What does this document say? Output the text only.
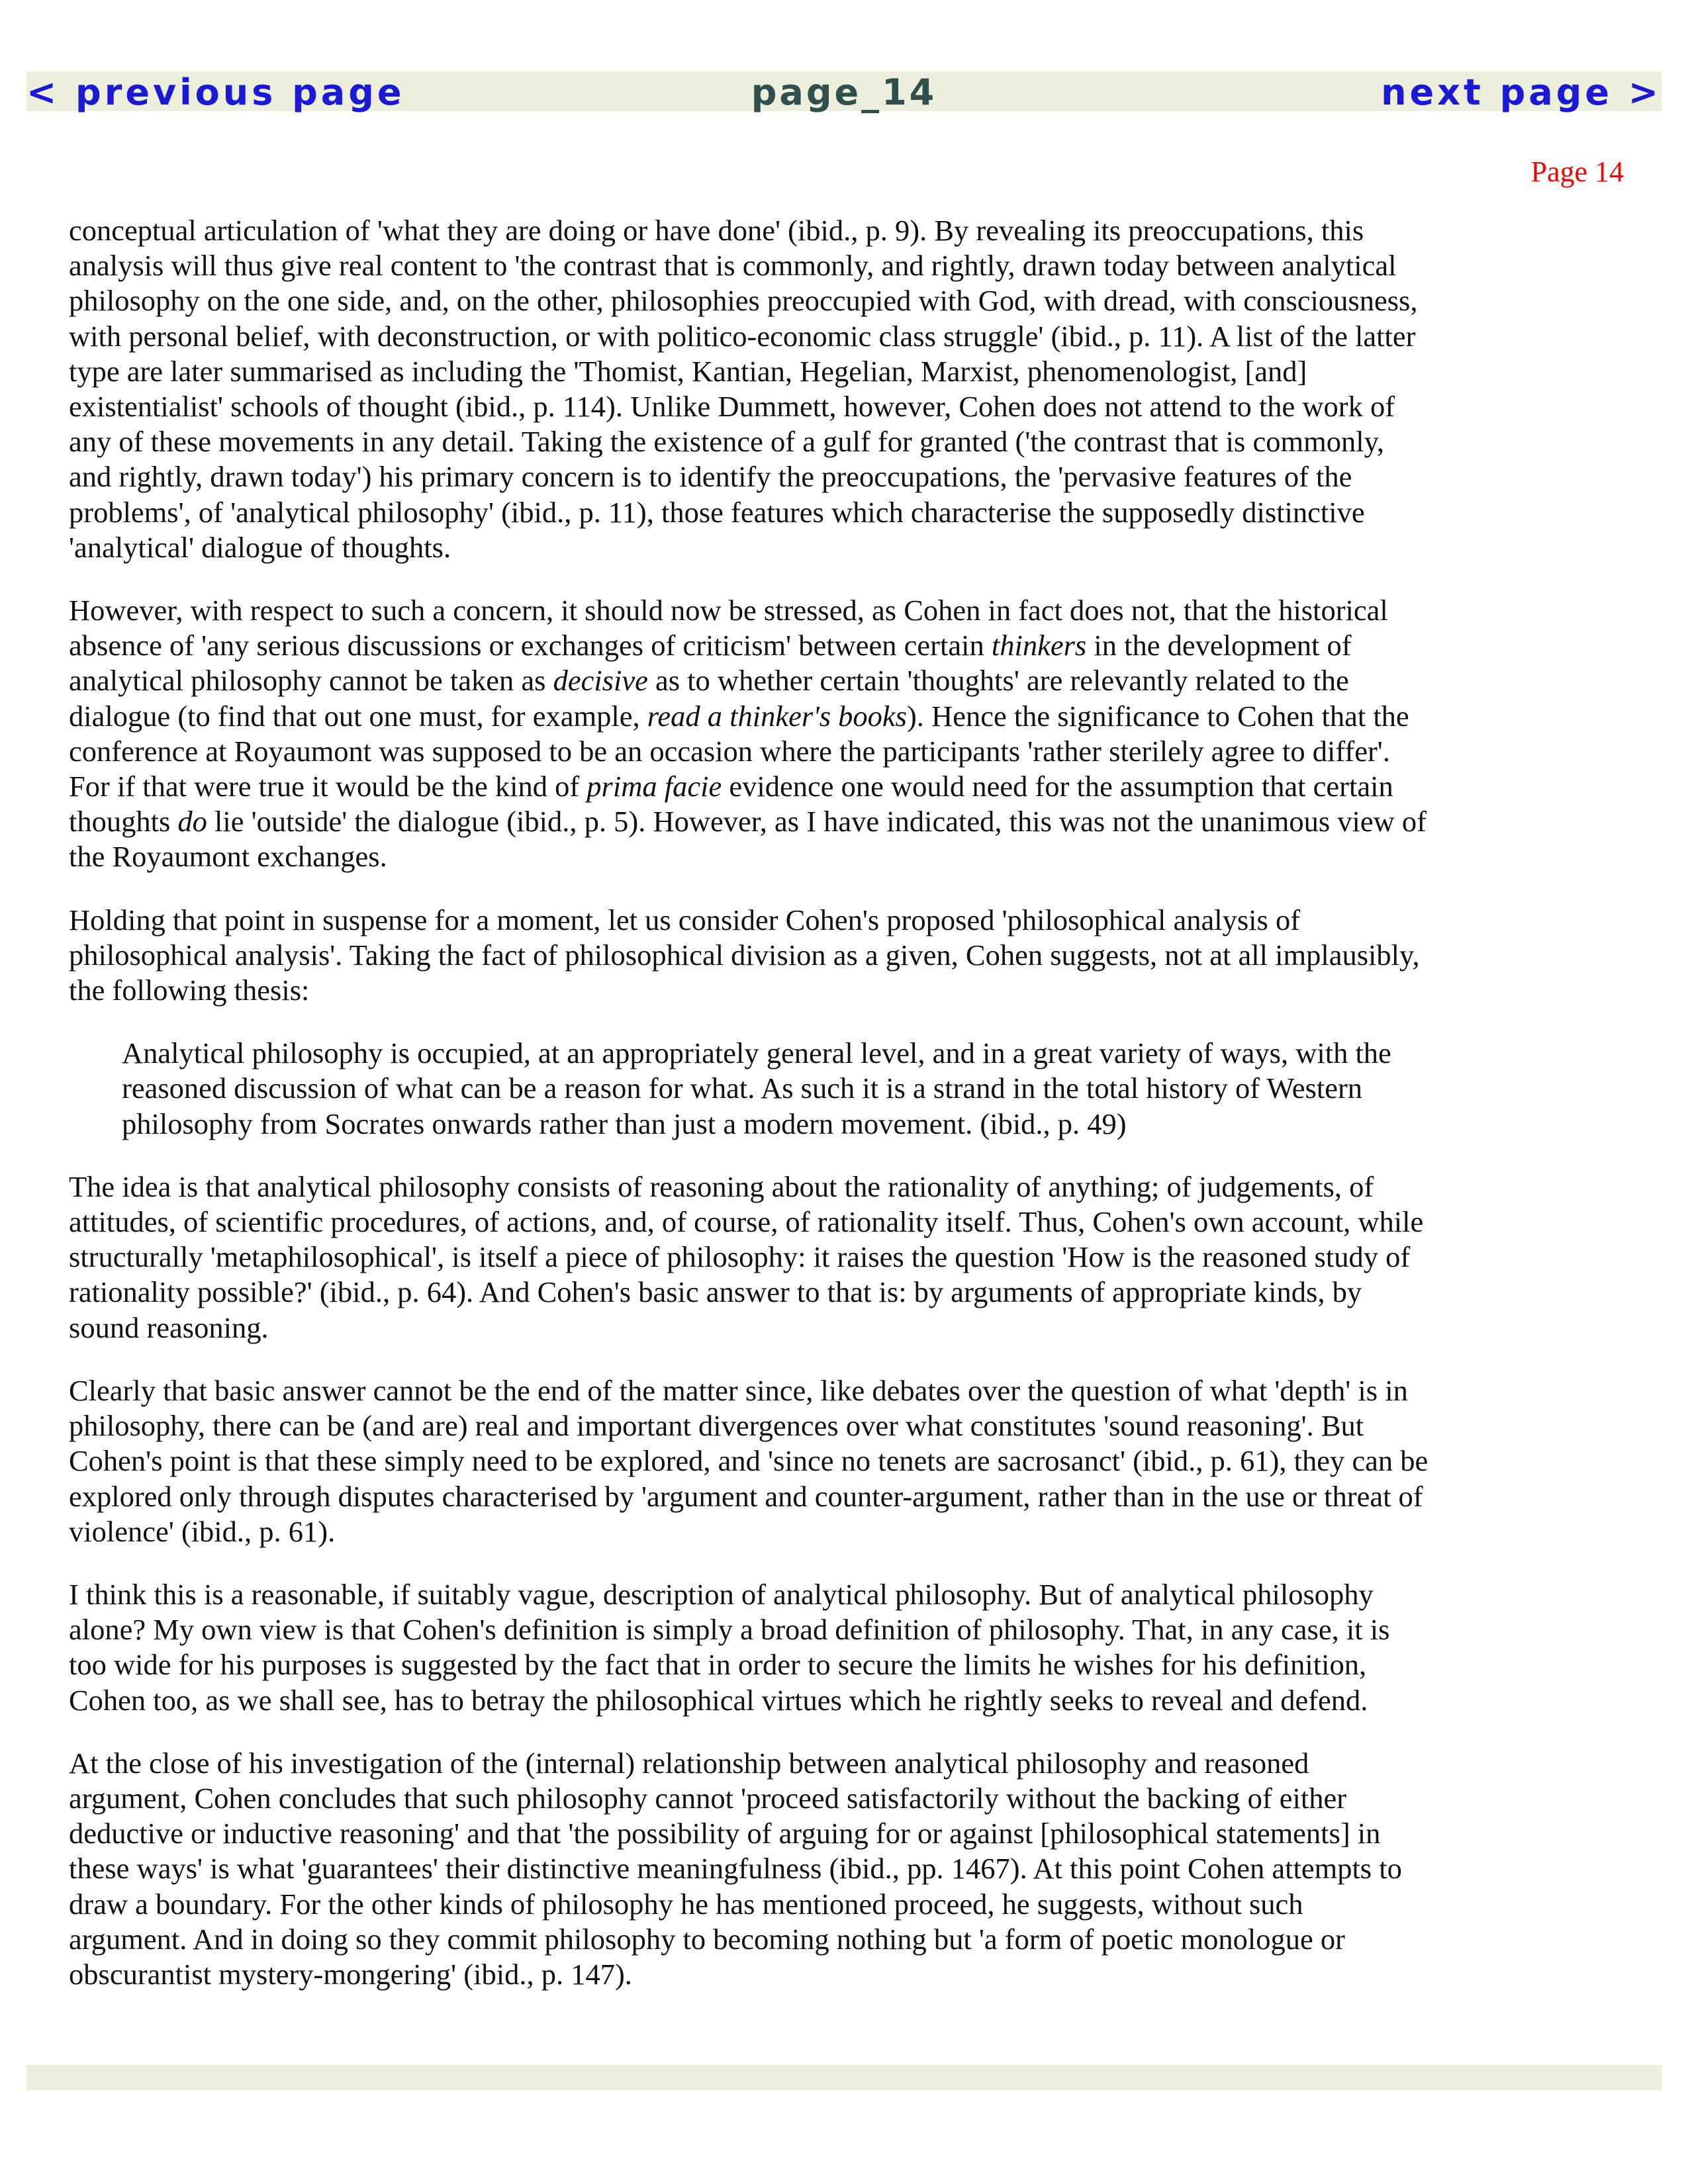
< previous page	page_14	next page >
Page 14

conceptual articulation of 'what they are doing or have done' (ibid., p. 9). By revealing its preoccupations, this
analysis will thus give real content to 'the contrast that is commonly, and rightly, drawn today between analytical
philosophy on the one side, and, on the other, philosophies preoccupied with God, with dread, with consciousness,
with personal belief, with deconstruction, or with politico-economic class struggle' (ibid., p. 11). A list of the latter
type are later summarised as including the 'Thomist, Kantian, Hegelian, Marxist, phenomenologist, [and]
existentialist' schools of thought (ibid., p. 114). Unlike Dummett, however, Cohen does not attend to the work of
any of these movements in any detail. Taking the existence of a gulf for granted ('the contrast that is commonly,
and rightly, drawn today') his primary concern is to identify the preoccupations, the 'pervasive features of the
problems', of 'analytical philosophy' (ibid., p. 11), those features which characterise the supposedly distinctive
'analytical' dialogue of thoughts.

However, with respect to such a concern, it should now be stressed, as Cohen in fact does not, that the historical
absence of 'any serious discussions or exchanges of criticism' between certain thinkers in the development of
analytical philosophy cannot be taken as decisive as to whether certain 'thoughts' are relevantly related to the
dialogue (to find that out one must, for example, read a thinker's books). Hence the significance to Cohen that the
conference at Royaumont was supposed to be an occasion where the participants 'rather sterilely agree to differ'.
For if that were true it would be the kind of prima facie evidence one would need for the assumption that certain
thoughts do lie 'outside' the dialogue (ibid., p. 5). However, as I have indicated, this was not the unanimous view of
the Royaumont exchanges.

Holding that point in suspense for a moment, let us consider Cohen's proposed 'philosophical analysis of
philosophical analysis'. Taking the fact of philosophical division as a given, Cohen suggests, not at all implausibly,
the following thesis:

Analytical philosophy is occupied, at an appropriately general level, and in a great variety of ways, with the
reasoned discussion of what can be a reason for what. As such it is a strand in the total history of Western
philosophy from Socrates onwards rather than just a modern movement. (ibid., p. 49)

The idea is that analytical philosophy consists of reasoning about the rationality of anything; of judgements, of
attitudes, of scientific procedures, of actions, and, of course, of rationality itself. Thus, Cohen's own account, while
structurally 'metaphilosophical', is itself a piece of philosophy: it raises the question 'How is the reasoned study of
rationality possible?' (ibid., p. 64). And Cohen's basic answer to that is: by arguments of appropriate kinds, by
sound reasoning.

Clearly that basic answer cannot be the end of the matter since, like debates over the question of what 'depth' is in
philosophy, there can be (and are) real and important divergences over what constitutes 'sound reasoning'. But
Cohen's point is that these simply need to be explored, and 'since no tenets are sacrosanct' (ibid., p. 61), they can be
explored only through disputes characterised by 'argument and counter-argument, rather than in the use or threat of
violence' (ibid., p. 61).

I think this is a reasonable, if suitably vague, description of analytical philosophy. But of analytical philosophy
alone? My own view is that Cohen's definition is simply a broad definition of philosophy. That, in any case, it is
too wide for his purposes is suggested by the fact that in order to secure the limits he wishes for his definition,
Cohen too, as we shall see, has to betray the philosophical virtues which he rightly seeks to reveal and defend.

At the close of his investigation of the (internal) relationship between analytical philosophy and reasoned
argument, Cohen concludes that such philosophy cannot 'proceed satisfactorily without the backing of either
deductive or inductive reasoning' and that 'the possibility of arguing for or against [philosophical statements] in
these ways' is what 'guarantees' their distinctive meaningfulness (ibid., pp. 1467). At this point Cohen attempts to
draw a boundary. For the other kinds of philosophy he has mentioned proceed, he suggests, without such
argument. And in doing so they commit philosophy to becoming nothing but 'a form of poetic monologue or
obscurantist mystery-mongering' (ibid., p. 147).
